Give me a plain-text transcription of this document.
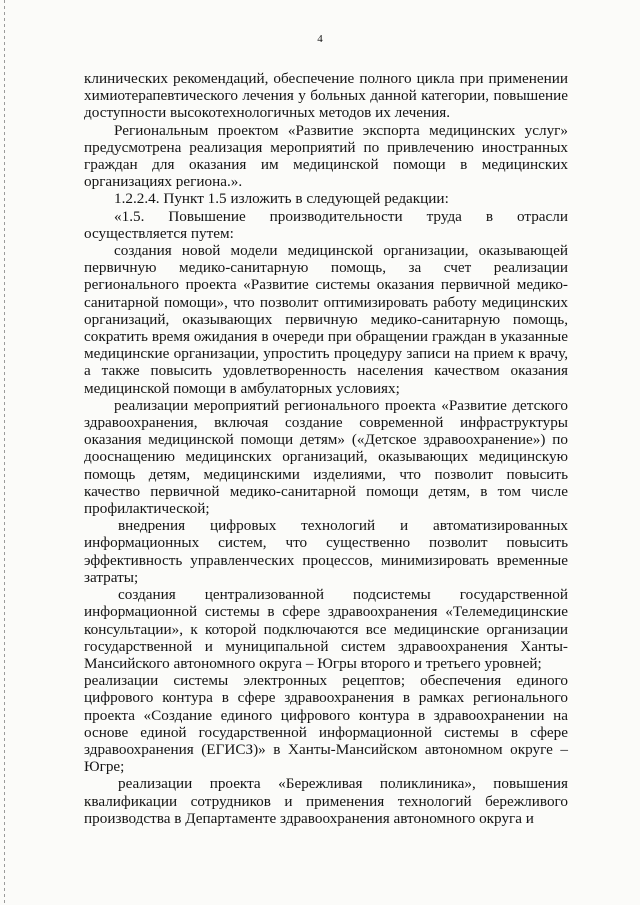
4

клинических рекомендаций, обеспечение полного цикла при применении химиотерапевтического лечения у больных данной категории, повышение доступности высокотехнологичных методов их лечения.

Региональным проектом «Развитие экспорта медицинских услуг» предусмотрена реализация мероприятий по привлечению иностранных граждан для оказания им медицинской помощи в медицинских организациях региона.».

1.2.2.4. Пункт 1.5 изложить в следующей редакции:

«1.5. Повышение производительности труда в отрасли осуществляется путем:

создания новой модели медицинской организации, оказывающей первичную медико-санитарную помощь, за счет реализации регионального проекта «Развитие системы оказания первичной медико-санитарной помощи», что позволит оптимизировать работу медицинских организаций, оказывающих первичную медико-санитарную помощь, сократить время ожидания в очереди при обращении граждан в указанные медицинские организации, упростить процедуру записи на прием к врачу, а также повысить удовлетворенность населения качеством оказания медицинской помощи в амбулаторных условиях;

реализации мероприятий регионального проекта «Развитие детского здравоохранения, включая создание современной инфраструктуры оказания медицинской помощи детям» («Детское здравоохранение») по дооснащению медицинских организаций, оказывающих медицинскую помощь детям, медицинскими изделиями, что позволит повысить качество первичной медико-санитарной помощи детям, в том числе профилактической;

внедрения цифровых технологий и автоматизированных информационных систем, что существенно позволит повысить эффективность управленческих процессов, минимизировать временные затраты;

создания централизованной подсистемы государственной информационной системы в сфере здравоохранения «Телемедицинские консультации», к которой подключаются все медицинские организации государственной и муниципальной систем здравоохранения Ханты-Мансийского автономного округа – Югры второго и третьего уровней;

реализации системы электронных рецептов; обеспечения единого цифрового контура в сфере здравоохранения в рамках регионального проекта «Создание единого цифрового контура в здравоохранении на основе единой государственной информационной системы в сфере здравоохранения (ЕГИСЗ)» в Ханты-Мансийском автономном округе – Югре;

реализации проекта «Бережливая поликлиника», повышения квалификации сотрудников и применения технологий бережливого производства в Департаменте здравоохранения автономного округа и
